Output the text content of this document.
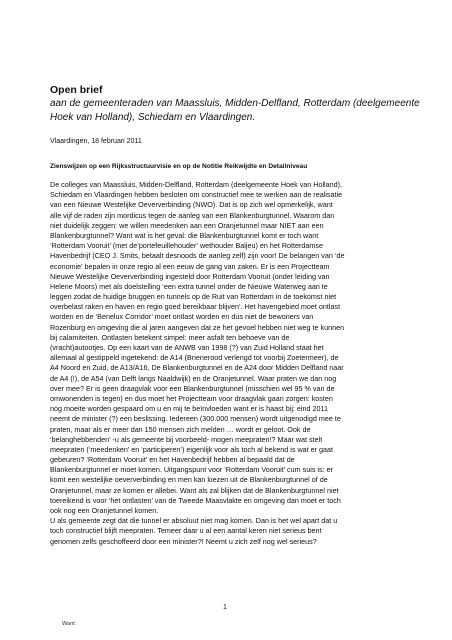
Open brief
aan de gemeenteraden van Maassluis, Midden-Delfland, Rotterdam (deelgemeente Hoek van Holland), Schiedam en Vlaardingen.
Vlaardingen, 18 februari 2011
Zienswijzen op een Rijksstructuurvisie en op de Notitie Reikwijdte en Detailniveau
De colleges van Maassluis, Midden-Delfland, Rotterdam (deelgemeente Hoek van Holland),
Schiedam en Vlaardingen hebben besloten om constructief mee te werken aan de realisatie
van een Nieuwe Westelijke Oeververbinding (NWO). Dat is op zich wel opmerkelijk, want
alle vijf de raden zijn mordicus tegen de aanleg van een Blankenburgtunnel. Waarom dan
niet duidelijk zeggen: we willen meedenken aan een Oranjetunnel maar NIET aan een
Blankenburgtunnel? Want wat is het geval: die Blankenburgtunnel komt er toch want
‘Rotterdam Vooruit’ (met de’portefeuillehouder’ wethouder Baljeu) en het Rotterdamse
Havenbedrijf (CEO J. Smits, betaalt desnoods de aanleg zelf) zijn voor! De belangen van ‘de
economie’ bepalen in onze regio al een eeuw de gang van zaken. Er is een Projectteam
Nieuwe Westelijke Oeververbinding ingesteld door Rotterdam Vooruit (onder leiding van
Helene Moors) met als doelstelling ‘een extra tunnel onder de Nieuwe Waterweg aan te
leggen zodat de huidige bruggen en tunnels op de Ruit van Rotterdam in de toekomst niet
overbelast raken en haven en regio goed bereikbaar blijven’. Het havengebied moet ontlast
worden en de ‘Benelux Corridor’ moet ontlast worden en dus niet de bewoners van
Rozenburg en omgeving die al jaren aangeven dat ze het gevoel hebben niet weg te kunnen
bij calamiteiten. Ontlasten betekent simpel: meer asfalt ten behoeve van de
(vracht)autootjes. Op een kaart van de ANWB van 1998 (?) van Zuid Holland staat het
allemaal al gestippeld ingetekend: de A14 (Brienerood verlengd tot voorbij Zoetermeer), de
A4 Noord en Zuid, de A13/A16, De Blankenburgtunnel en de A24 door Midden Delfland naar
de A4 (!), de A54 (van Delft langs Naaldwijk) en de Oranjetunnel. Waar praten we dan nog
over mee? Er is geen draagvlak voor een Blankenburgtunnel (misschien wel 95 % van de
omwonenden is tegen) en dus moet het Projectteam voor draagvlak gaan zorgen: kosten
nog moeite worden gespaard om u en mij te beïnvloeden want er is haast bij: eind 2011
neemt de minister (?) een beslissing. Iedereen (300.000 mensen) wordt uitgenodigd mee te
praten, maar als er meer dan 150 mensen zich melden … wordt er geloot. Ook de
‘belanghebbenden’ -u als gemeente bij voorbeeld- mogen meepraten!? Maar wat stelt
meepraten (‘meedenken’ en ‘participeren’) eigenlijk voor als toch al bekend is wat er gaat
gebeuren? ‘Rotterdam Vooruit’ en het Havenbedrijf hebben al bepaald dat de
Blankenburgtunnel er moet komen. Uitgangspunt voor ‘Rotterdam Vooruit’ cum suis is: er
komt een westelijke oeververbinding en men kan kiezen uit de Blankenburgtunnel of de
Oranjetunnel, maar ze komen er allebei. Want als zal blijken dat de Blankenburgtunnel niet
toereikend is voor ‘het ontlasten’ van de Tweede Maasvlakte en omgeving dan moet er toch
ook nog een Oranjetunnel komen.
U als gemeente zegt dat die tunnel er absoluut niet mag komen. Dan is het wel apart dat u
toch constructief blijft meepraten. Temeer daar u al een aantal keren niet serieus bent
genomen zelfs geschoffeerd door een minister?! Neemt u zich zelf nog wel serieus?
1
Want:
